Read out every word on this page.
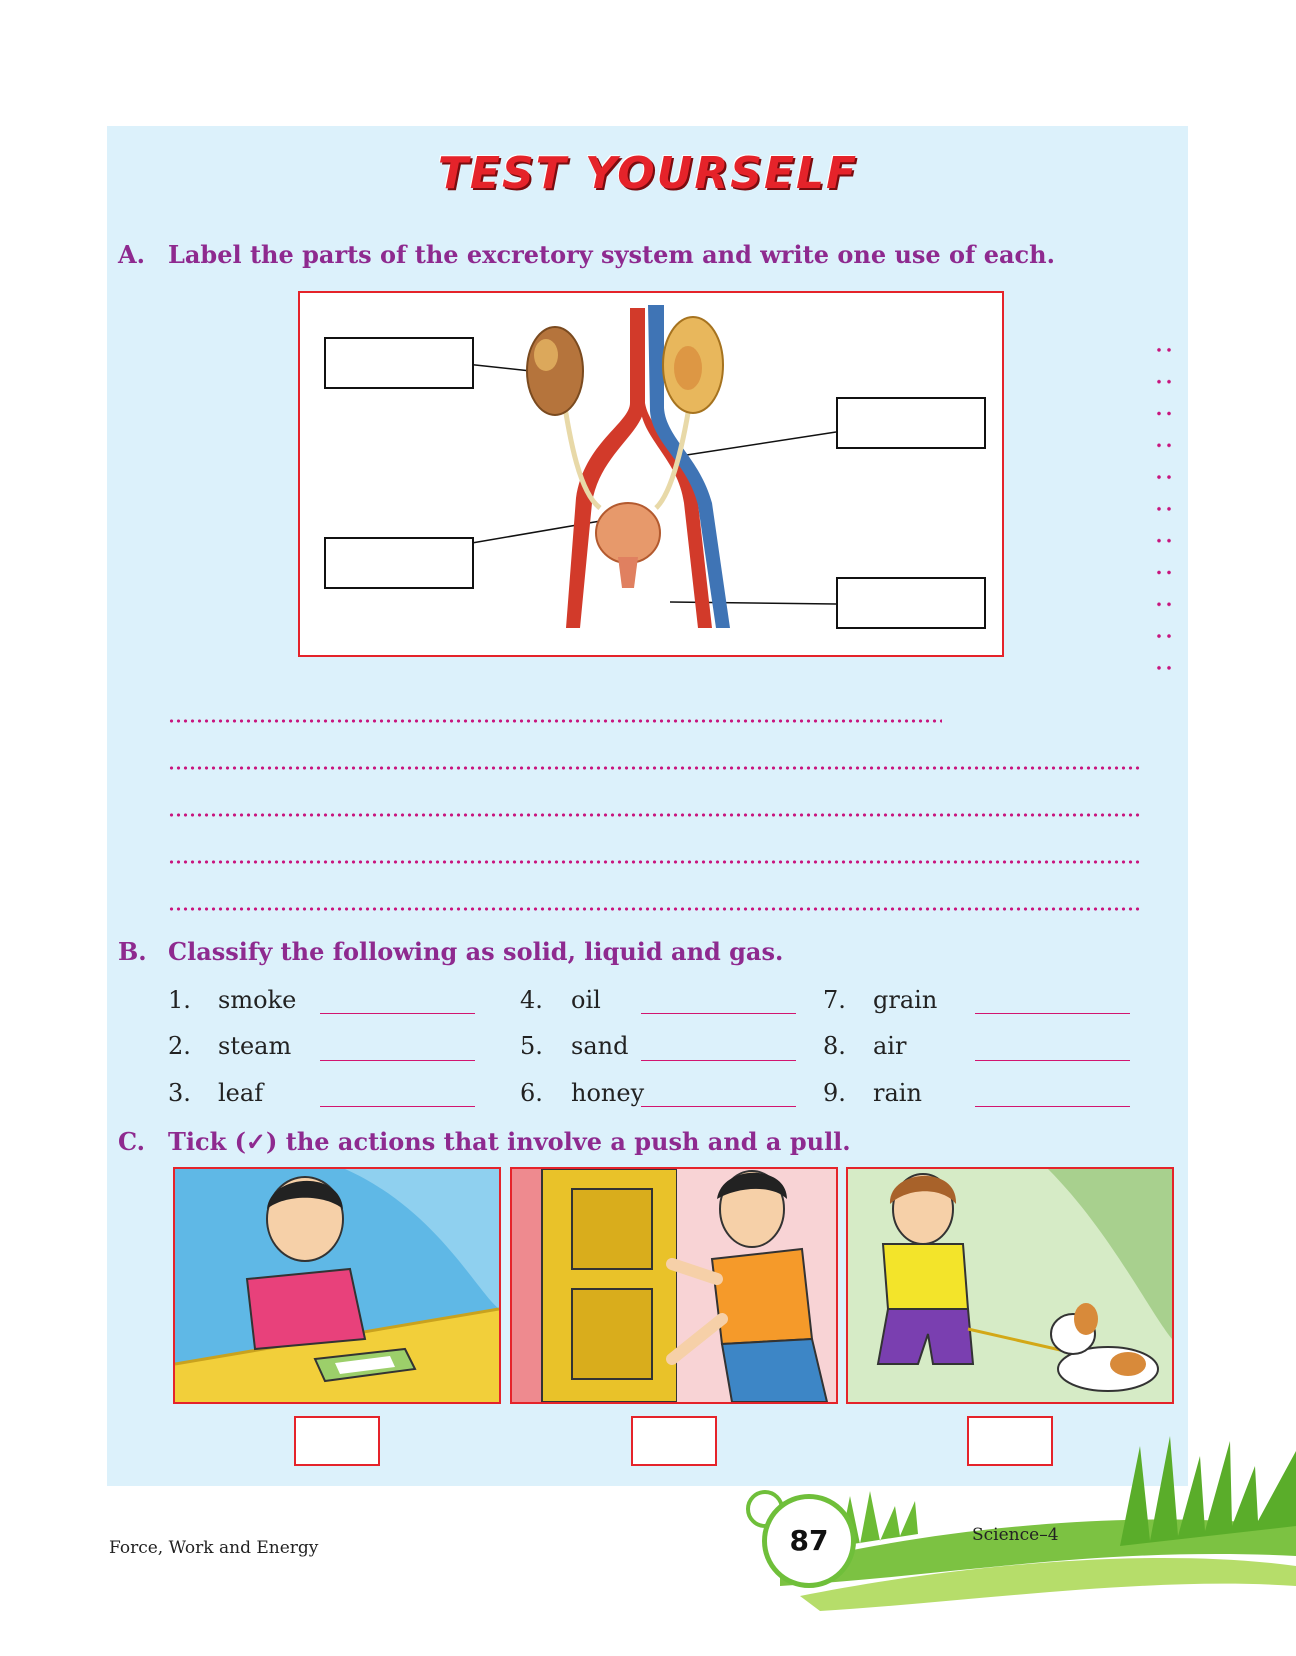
TEST YOURSELF
A. Label the parts of the excretory system and write one use of each.
B. Classify the following as solid, liquid and gas.
1. smoke
2. steam
3. leaf
4. oil
5. sand
6. honey
7. grain
8. air
9. rain
C. Tick (✓) the actions that involve a push and a pull.
Force, Work and Energy	87	Science–4
